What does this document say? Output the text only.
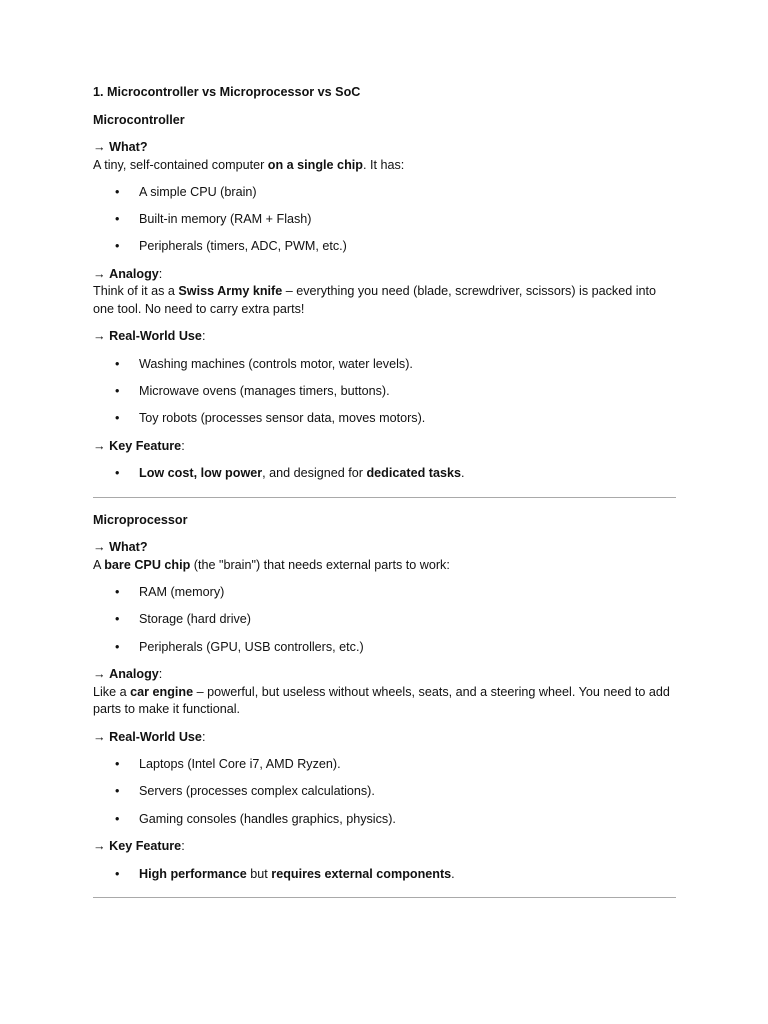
1. Microcontroller vs Microprocessor vs SoC

Microcontroller

→ What?

A tiny, self-contained computer on a single chip. It has:

• A simple CPU (brain)
• Built-in memory (RAM + Flash)
• Peripherals (timers, ADC, PWM, etc.)

→ Analogy:

Think of it as a Swiss Army knife – everything you need (blade, screwdriver, scissors) is packed into one tool. No need to carry extra parts!

→ Real-World Use:

• Washing machines (controls motor, water levels).
• Microwave ovens (manages timers, buttons).
• Toy robots (processes sensor data, moves motors).

→ Key Feature:

• Low cost, low power, and designed for dedicated tasks.

Microprocessor

→ What?

A bare CPU chip (the "brain") that needs external parts to work:

• RAM (memory)
• Storage (hard drive)
• Peripherals (GPU, USB controllers, etc.)

→ Analogy:

Like a car engine – powerful, but useless without wheels, seats, and a steering wheel. You need to add parts to make it functional.

→ Real-World Use:

• Laptops (Intel Core i7, AMD Ryzen).
• Servers (processes complex calculations).
• Gaming consoles (handles graphics, physics).

→ Key Feature:

• High performance but requires external components.
